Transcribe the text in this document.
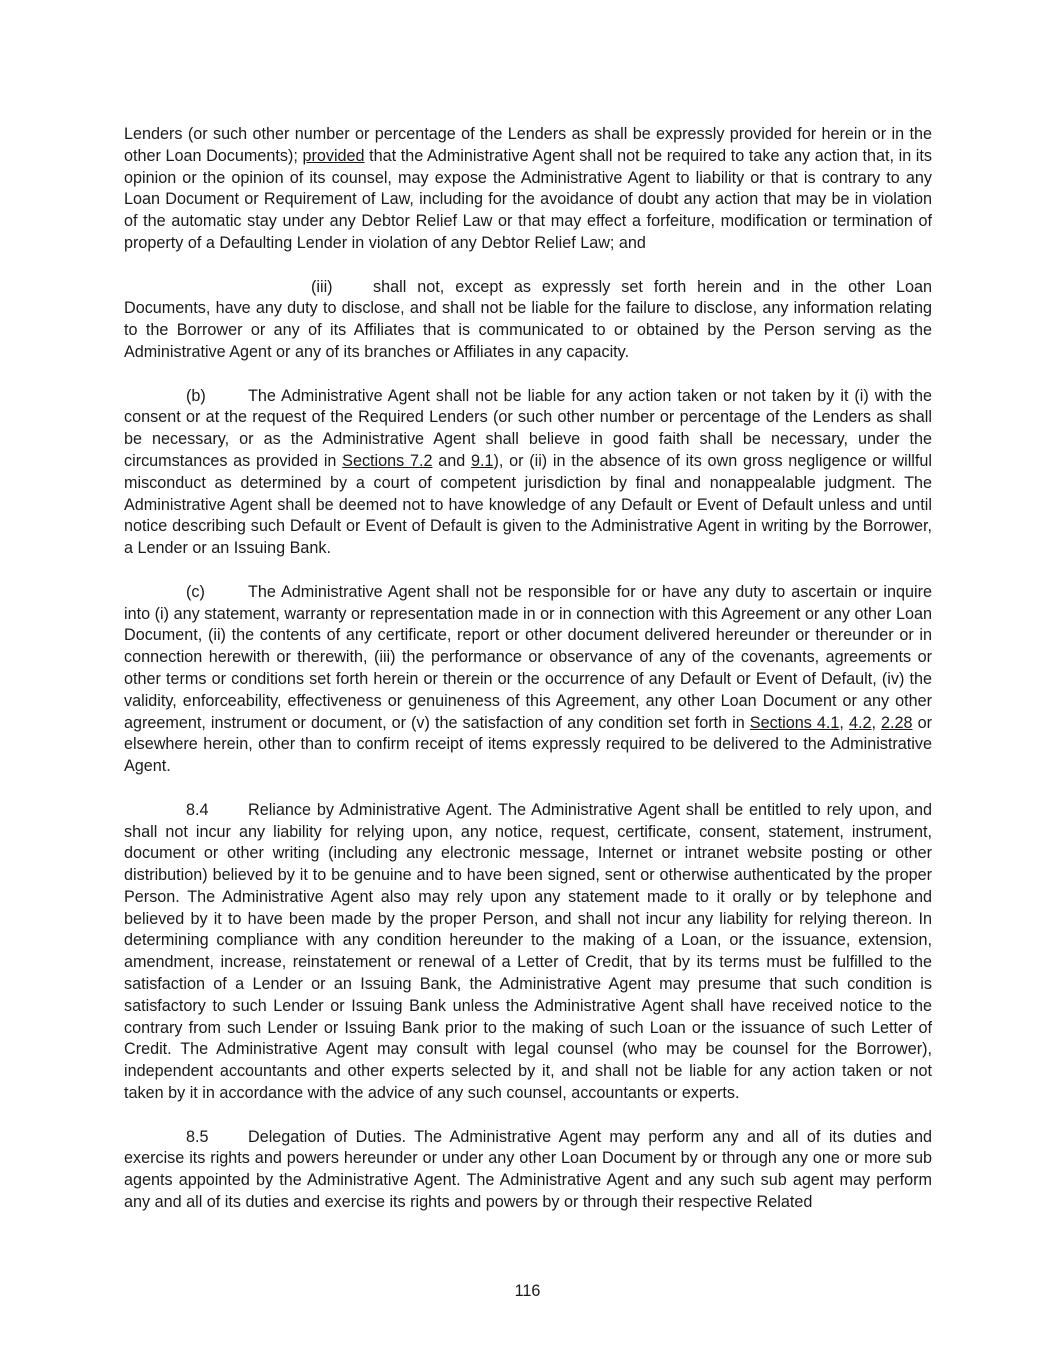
Lenders (or such other number or percentage of the Lenders as shall be expressly provided for herein or in the other Loan Documents); provided that the Administrative Agent shall not be required to take any action that, in its opinion or the opinion of its counsel, may expose the Administrative Agent to liability or that is contrary to any Loan Document or Requirement of Law, including for the avoidance of doubt any action that may be in violation of the automatic stay under any Debtor Relief Law or that may effect a forfeiture, modification or termination of property of a Defaulting Lender in violation of any Debtor Relief Law; and

(iii) shall not, except as expressly set forth herein and in the other Loan Documents, have any duty to disclose, and shall not be liable for the failure to disclose, any information relating to the Borrower or any of its Affiliates that is communicated to or obtained by the Person serving as the Administrative Agent or any of its branches or Affiliates in any capacity.

(b)	The Administrative Agent shall not be liable for any action taken or not taken by it (i) with the consent or at the request of the Required Lenders (or such other number or percentage of the Lenders as shall be necessary, or as the Administrative Agent shall believe in good faith shall be necessary, under the circumstances as provided in Sections 7.2 and 9.1), or (ii) in the absence of its own gross negligence or willful misconduct as determined by a court of competent jurisdiction by final and nonappealable judgment. The Administrative Agent shall be deemed not to have knowledge of any Default or Event of Default unless and until notice describing such Default or Event of Default is given to the Administrative Agent in writing by the Borrower, a Lender or an Issuing Bank.

(c)	The Administrative Agent shall not be responsible for or have any duty to ascertain or inquire into (i) any statement, warranty or representation made in or in connection with this Agreement or any other Loan Document, (ii) the contents of any certificate, report or other document delivered hereunder or thereunder or in connection herewith or therewith, (iii) the performance or observance of any of the covenants, agreements or other terms or conditions set forth herein or therein or the occurrence of any Default or Event of Default, (iv) the validity, enforceability, effectiveness or genuineness of this Agreement, any other Loan Document or any other agreement, instrument or document, or (v) the satisfaction of any condition set forth in Sections 4.1, 4.2, 2.28 or elsewhere herein, other than to confirm receipt of items expressly required to be delivered to the Administrative Agent.

8.4 Reliance by Administrative Agent. The Administrative Agent shall be entitled to rely upon, and shall not incur any liability for relying upon, any notice, request, certificate, consent, statement, instrument, document or other writing (including any electronic message, Internet or intranet website posting or other distribution) believed by it to be genuine and to have been signed, sent or otherwise authenticated by the proper Person. The Administrative Agent also may rely upon any statement made to it orally or by telephone and believed by it to have been made by the proper Person, and shall not incur any liability for relying thereon. In determining compliance with any condition hereunder to the making of a Loan, or the issuance, extension, amendment, increase, reinstatement or renewal of a Letter of Credit, that by its terms must be fulfilled to the satisfaction of a Lender or an Issuing Bank, the Administrative Agent may presume that such condition is satisfactory to such Lender or Issuing Bank unless the Administrative Agent shall have received notice to the contrary from such Lender or Issuing Bank prior to the making of such Loan or the issuance of such Letter of Credit. The Administrative Agent may consult with legal counsel (who may be counsel for the Borrower), independent accountants and other experts selected by it, and shall not be liable for any action taken or not taken by it in accordance with the advice of any such counsel, accountants or experts.

8.5 Delegation of Duties. The Administrative Agent may perform any and all of its duties and exercise its rights and powers hereunder or under any other Loan Document by or through any one or more sub agents appointed by the Administrative Agent. The Administrative Agent and any such sub agent may perform any and all of its duties and exercise its rights and powers by or through their respective Related

116
